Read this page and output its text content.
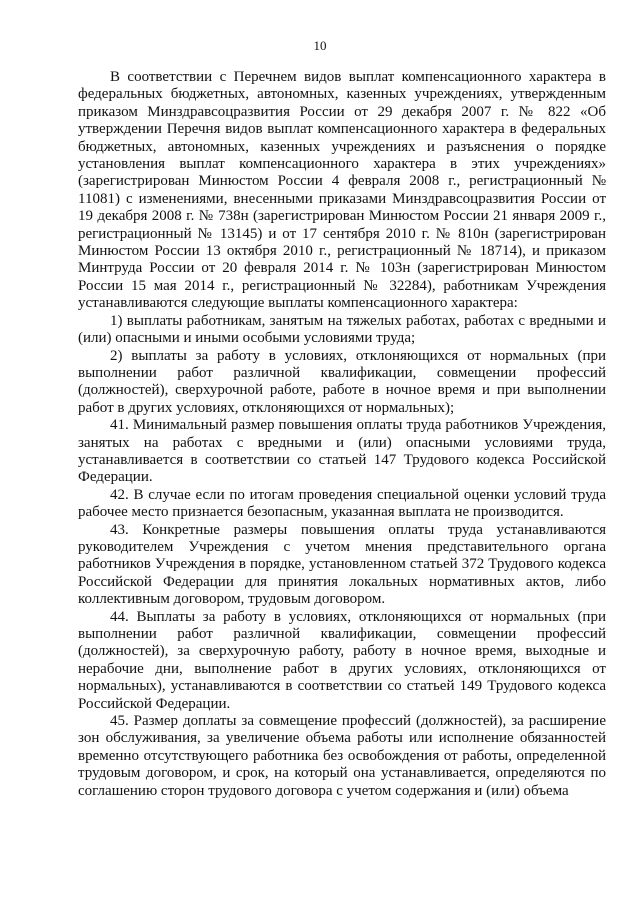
10

В соответствии с Перечнем видов выплат компенсационного характера в федеральных бюджетных, автономных, казенных учреждениях, утвержденным приказом Минздравсоцразвития России от 29 декабря 2007 г. № 822 «Об утверждении Перечня видов выплат компенсационного характера в федеральных бюджетных, автономных, казенных учреждениях и разъяснения о порядке установления выплат компенсационного характера в этих учреждениях» (зарегистрирован Минюстом России 4 февраля 2008 г., регистрационный № 11081) с изменениями, внесенными приказами Минздравсоцразвития России от 19 декабря 2008 г. № 738н (зарегистрирован Минюстом России 21 января 2009 г., регистрационный № 13145) и от 17 сентября 2010 г. № 810н (зарегистрирован Минюстом России 13 октября 2010 г., регистрационный № 18714), и приказом Минтруда России от 20 февраля 2014 г. № 103н (зарегистрирован Минюстом России 15 мая 2014 г., регистрационный № 32284), работникам Учреждения устанавливаются следующие выплаты компенсационного характера:

1) выплаты работникам, занятым на тяжелых работах, работах с вредными и (или) опасными и иными особыми условиями труда;

2) выплаты за работу в условиях, отклоняющихся от нормальных (при выполнении работ различной квалификации, совмещении профессий (должностей), сверхурочной работе, работе в ночное время и при выполнении работ в других условиях, отклоняющихся от нормальных);

41. Минимальный размер повышения оплаты труда работников Учреждения, занятых на работах с вредными и (или) опасными условиями труда, устанавливается в соответствии со статьей 147 Трудового кодекса Российской Федерации.

42. В случае если по итогам проведения специальной оценки условий труда рабочее место признается безопасным, указанная выплата не производится.

43. Конкретные размеры повышения оплаты труда устанавливаются руководителем Учреждения с учетом мнения представительного органа работников Учреждения в порядке, установленном статьей 372 Трудового кодекса Российской Федерации для принятия локальных нормативных актов, либо коллективным договором, трудовым договором.

44. Выплаты за работу в условиях, отклоняющихся от нормальных (при выполнении работ различной квалификации, совмещении профессий (должностей), за сверхурочную работу, работу в ночное время, выходные и нерабочие дни, выполнение работ в других условиях, отклоняющихся от нормальных), устанавливаются в соответствии со статьей 149 Трудового кодекса Российской Федерации.

45. Размер доплаты за совмещение профессий (должностей), за расширение зон обслуживания, за увеличение объема работы или исполнение обязанностей временно отсутствующего работника без освобождения от работы, определенной трудовым договором, и срок, на который она устанавливается, определяются по соглашению сторон трудового договора с учетом содержания и (или) объема
